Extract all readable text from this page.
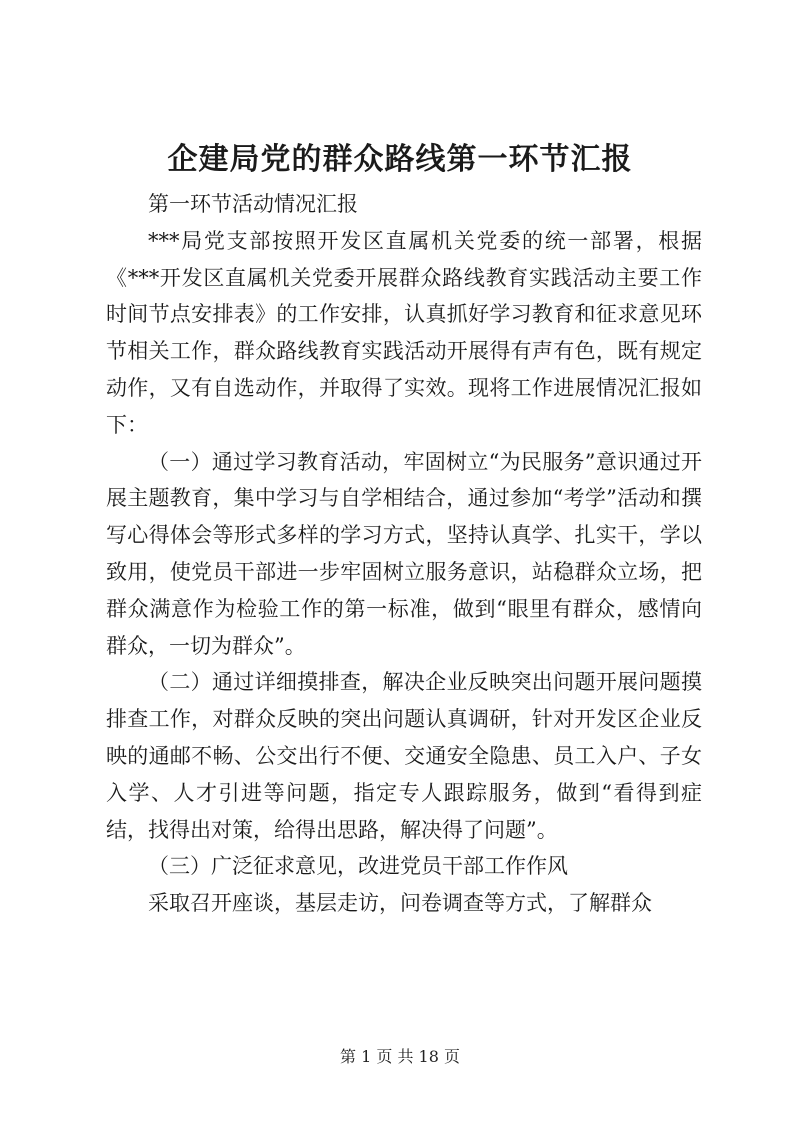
企建局党的群众路线第一环节汇报

第一环节活动情况汇报

***局党支部按照开发区直属机关党委的统一部署，根据《***开发区直属机关党委开展群众路线教育实践活动主要工作时间节点安排表》的工作安排，认真抓好学习教育和征求意见环节相关工作，群众路线教育实践活动开展得有声有色，既有规定动作，又有自选动作，并取得了实效。现将工作进展情况汇报如下：

（一）通过学习教育活动，牢固树立“为民服务”意识通过开展主题教育，集中学习与自学相结合，通过参加“考学”活动和撰写心得体会等形式多样的学习方式，坚持认真学、扎实干，学以致用，使党员干部进一步牢固树立服务意识，站稳群众立场，把群众满意作为检验工作的第一标准，做到“眼里有群众，感情向群众，一切为群众”。

（二）通过详细摸排查，解决企业反映突出问题开展问题摸排查工作，对群众反映的突出问题认真调研，针对开发区企业反映的通邮不畅、公交出行不便、交通安全隐患、员工入户、子女入学、人才引进等问题，指定专人跟踪服务，做到“看得到症结，找得出对策，给得出思路，解决得了问题”。

（三）广泛征求意见，改进党员干部工作作风

采取召开座谈，基层走访，问卷调查等方式，了解群众

第 1 页 共 18 页
